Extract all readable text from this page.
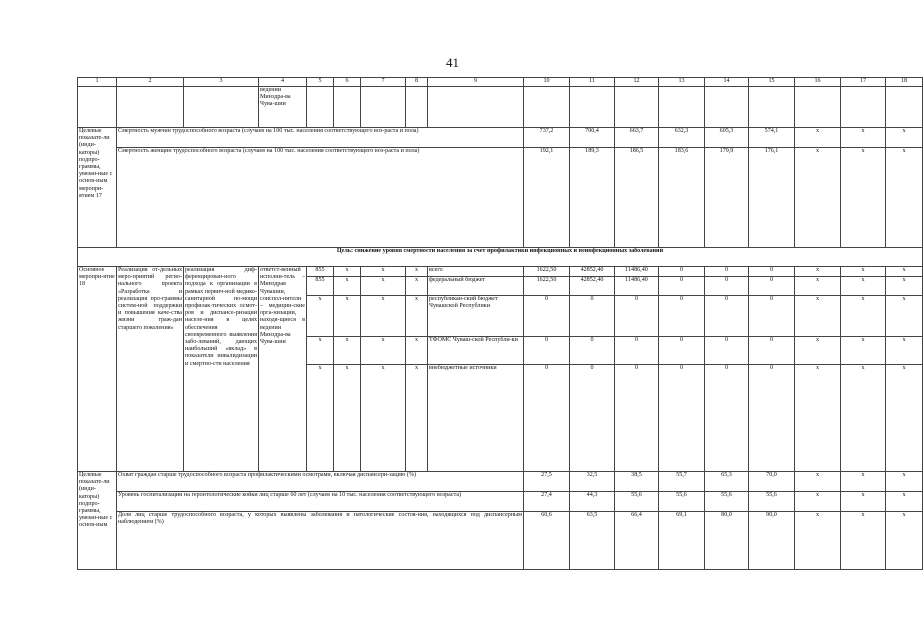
41
1	2	3	4	5	6	7	8	9	10	11	12	13	14	15	16	17	18
			ведении Минздра-ва Чува-шии														
Целевые показате-ли (инди-каторы) подпро-граммы, увязан-ные с основ-ным меропри-ятием 17	Смертность мужчин трудоспособного возраста (случаев на 100 тыс. населения соответствующего воз-раста и пола)								737,2	700,4	663,7	632,3	605,3	574,1	x	x	x
	Смертность женщин трудоспособного возраста (случаев на 100 тыс. населения соответствующего воз-раста и пола)								192,1	189,3	186,5	183,6	179,9	176,1	x	x	x
Цель: снижение уровня смертности населения за счет профилактики инфекционных и неинфекционных заболеваний																	
Основное меропри-ятие 18	Реализация от-дельных меро-приятий регио-нального проекта «Разработка и реализация про-граммы систем-ной поддержки и повышения каче-ства жизни граж-дан старшего поколения»	реализация диф-ференцирован-ного подхода к организации в рамках первич-ной медико-санитарной по-мощи профилак-тических осмот-ров и диспансе-ризации населе-ния в целях обеспечения своевременного выявления забо-леваний, дающих наибольший «вклад» в показатели инвалидизации и смертно-сти населения	ответст-венный исполни-тель – Минздрав Чувашии, соиспол-нители – медицин-ские орга-низации, находя-щиеся в ведении Минздра-ва Чува-шии	855	x	x	x	всего	1622,50	42852,40	11486,40	0	0	0	x	x	x
				855	x	x	x	федеральный бюджет	1622,50	42852,40	11486,40	0	0	0	x	x	x
				x	x	x	x	республикан-ский бюджет Чувашской Республики	0	0	0	0	0	0	x	x	x
				x	x	x	x	ТФОМС Чуваш-ской Республи-ки	0	0	0	0	0	0	x	x	x
				x	x	x	x	внебюджетные источники	0	0	0	0	0	0	x	x	x
Целевые показате-ли (инди-каторы) подпро-граммы, увязан-ные с основ-ным	Охват граждан старше трудоспособного возраста профилактическими осмотрами, включая диспансери-зацию (%)								27,5	32,5	38,5	55,7	65,3	70,0	x	x	x
	Уровень госпитализации на геронтологические койки лиц старше 60 лет (случаев на 10 тыс. населения соответствующего возраста)								27,4	44,3	55,6	55,6	55,6	55,6	x	x	x
	Доля лиц старше трудоспособного возраста, у которых выявлены заболевания и патологические состоя-ния, находящихся под диспансерным наблюдением (%)								60,6	63,5	66,4	69,1	80,0	90,0	x	x	x
